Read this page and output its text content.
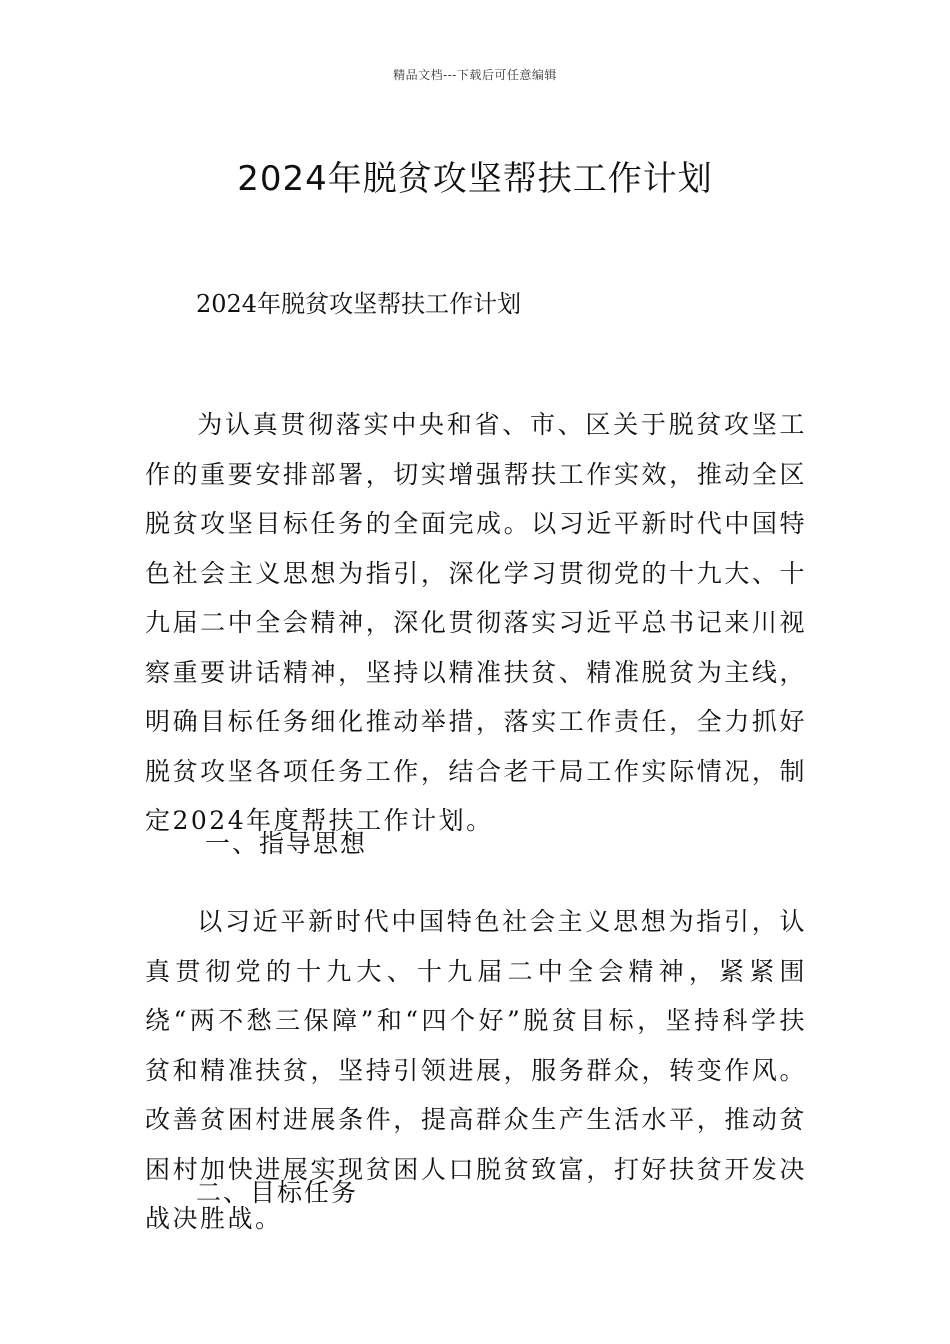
精品文档---下载后可任意编辑
2024年脱贫攻坚帮扶工作计划
2024年脱贫攻坚帮扶工作计划

为认真贯彻落实中央和省、市、区关于脱贫攻坚工作的重要安排部署，切实增强帮扶工作实效，推动全区脱贫攻坚目标任务的全面完成。以习近平新时代中国特色社会主义思想为指引，深化学习贯彻党的十九大、十九届二中全会精神，深化贯彻落实习近平总书记来川视察重要讲话精神，坚持以精准扶贫、精准脱贫为主线，明确目标任务细化推动举措，落实工作责任，全力抓好脱贫攻坚各项任务工作，结合老干局工作实际情况，制定2024年度帮扶工作计划。

一、指导思想

以习近平新时代中国特色社会主义思想为指引，认真贯彻党的十九大、十九届二中全会精神，紧紧围绕“两不愁三保障”和“四个好”脱贫目标，坚持科学扶贫和精准扶贫，坚持引领进展，服务群众，转变作风。改善贫困村进展条件，提高群众生产生活水平，推动贫困村加快进展实现贫困人口脱贫致富，打好扶贫开发决战决胜战。

二、目标任务
